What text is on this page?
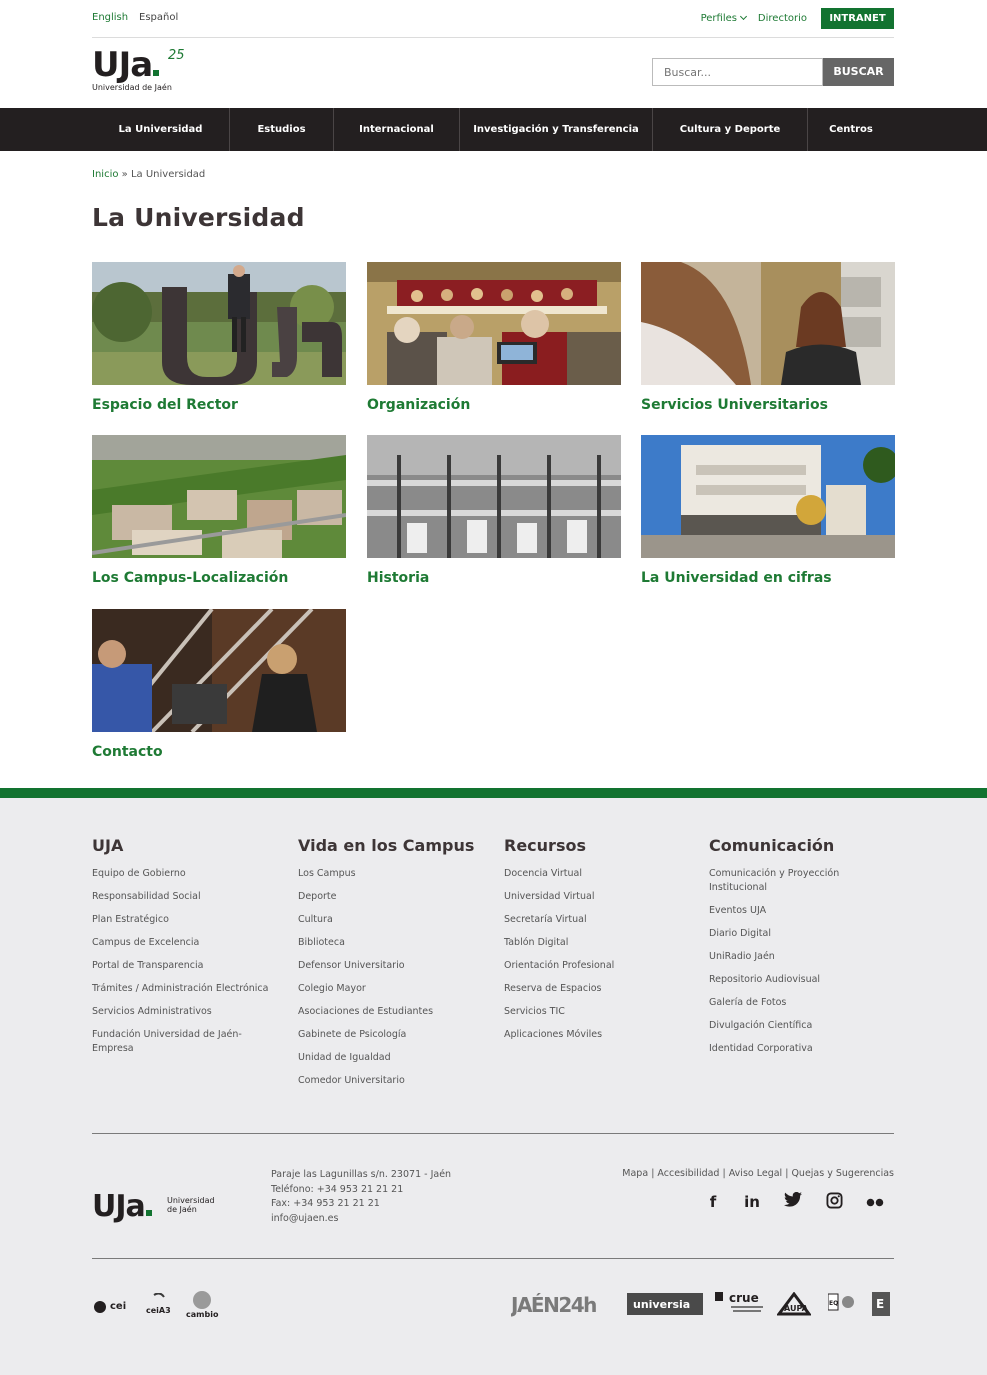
English Español	Perfiles	Directorio	INTRANET
UJa
Universidad de Jaén
25
Buscar...
BUSCAR
La Universidad	Estudios	Internacional	Investigación y Transferencia	Cultura y Deporte	Centros
Inicio » La Universidad
La Universidad
Espacio del Rector	Organización	Servicios Universitarios
Los Campus-Localización	Historia	La Universidad en cifras
Contacto
UJA
Equipo de Gobierno
Responsabilidad Social
Plan Estratégico
Campus de Excelencia
Portal de Transparencia
Trámites / Administración Electrónica
Servicios Administrativos
Fundación Universidad de Jaén-Empresa
Vida en los Campus
Los Campus
Deporte
Cultura
Biblioteca
Defensor Universitario
Colegio Mayor
Asociaciones de Estudiantes
Gabinete de Psicología
Unidad de Igualdad
Comedor Universitario
Recursos
Docencia Virtual
Universidad Virtual
Secretaría Virtual
Tablón Digital
Orientación Profesional
Reserva de Espacios
Servicios TIC
Aplicaciones Móviles
Comunicación
Comunicación y Proyección Institucional
Eventos UJA
Diario Digital
UniRadio Jaén
Repositorio Audiovisual
Galería de Fotos
Divulgación Científica
Identidad Corporativa
UJa	Universidad de Jaén
Paraje las Lagunillas s/n. 23071 - Jaén
Teléfono: +34 953 21 21 21
Fax: +34 953 21 21 21
info@ujaen.es
Mapa | Accesibilidad | Aviso Legal | Quejas y Sugerencias
f	in
cei ceiA3 cambio	JAÉN24h	universia	crue
AUPA
EQ	E
